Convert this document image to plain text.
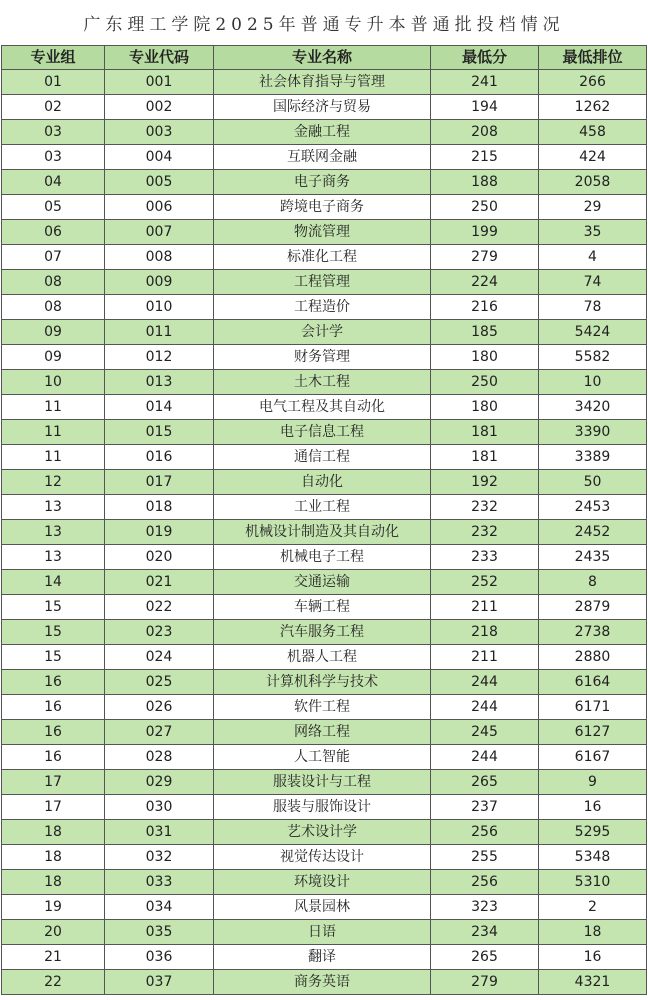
广东理工学院2025年普通专升本普通批投档情况
专业组	专业代码	专业名称	最低分	最低排位
01	001	社会体育指导与管理	241	266
02	002	国际经济与贸易	194	1262
03	003	金融工程	208	458
03	004	互联网金融	215	424
04	005	电子商务	188	2058
05	006	跨境电子商务	250	29
06	007	物流管理	199	35
07	008	标准化工程	279	4
08	009	工程管理	224	74
08	010	工程造价	216	78
09	011	会计学	185	5424
09	012	财务管理	180	5582
10	013	土木工程	250	10
11	014	电气工程及其自动化	180	3420
11	015	电子信息工程	181	3390
11	016	通信工程	181	3389
12	017	自动化	192	50
13	018	工业工程	232	2453
13	019	机械设计制造及其自动化	232	2452
13	020	机械电子工程	233	2435
14	021	交通运输	252	8
15	022	车辆工程	211	2879
15	023	汽车服务工程	218	2738
15	024	机器人工程	211	2880
16	025	计算机科学与技术	244	6164
16	026	软件工程	244	6171
16	027	网络工程	245	6127
16	028	人工智能	244	6167
17	029	服装设计与工程	265	9
17	030	服装与服饰设计	237	16
18	031	艺术设计学	256	5295
18	032	视觉传达设计	255	5348
18	033	环境设计	256	5310
19	034	风景园林	323	2
20	035	日语	234	18
21	036	翻译	265	16
22	037	商务英语	279	4321
